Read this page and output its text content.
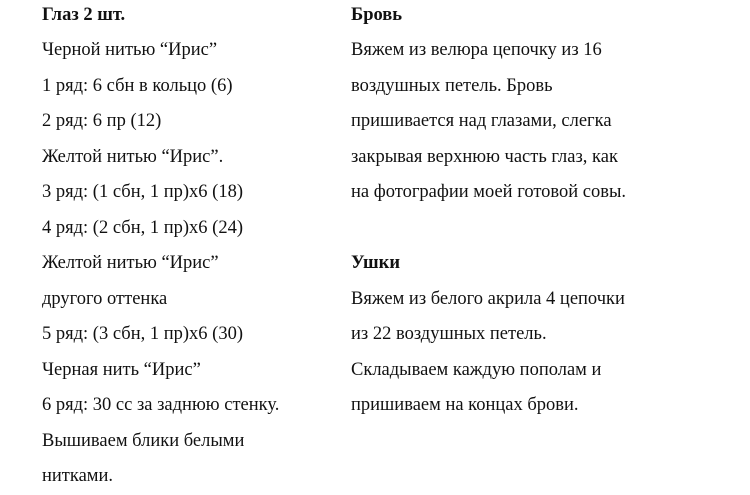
Глаз 2 шт.
Черной нитью “Ирис”
1 ряд: 6 сбн в кольцо (6)
2 ряд: 6 пр (12)
Желтой нитью “Ирис”.
3 ряд: (1 сбн, 1 пр)х6 (18)
4 ряд: (2 сбн, 1 пр)х6 (24)
Желтой нитью “Ирис”
другого оттенка
5 ряд: (3 сбн, 1 пр)х6 (30)
Черная нить “Ирис”
6 ряд: 30 сс за заднюю стенку.
Вышиваем блики белыми
нитками.
Бровь
Вяжем из велюра цепочку из 16
воздушных петель. Бровь
пришивается над глазами, слегка
закрывая верхнюю часть глаз, как
на фотографии моей готовой совы.
Ушки
Вяжем из белого акрила 4 цепочки
из 22 воздушных петель.
Складываем каждую пополам и
пришиваем на концах брови.
